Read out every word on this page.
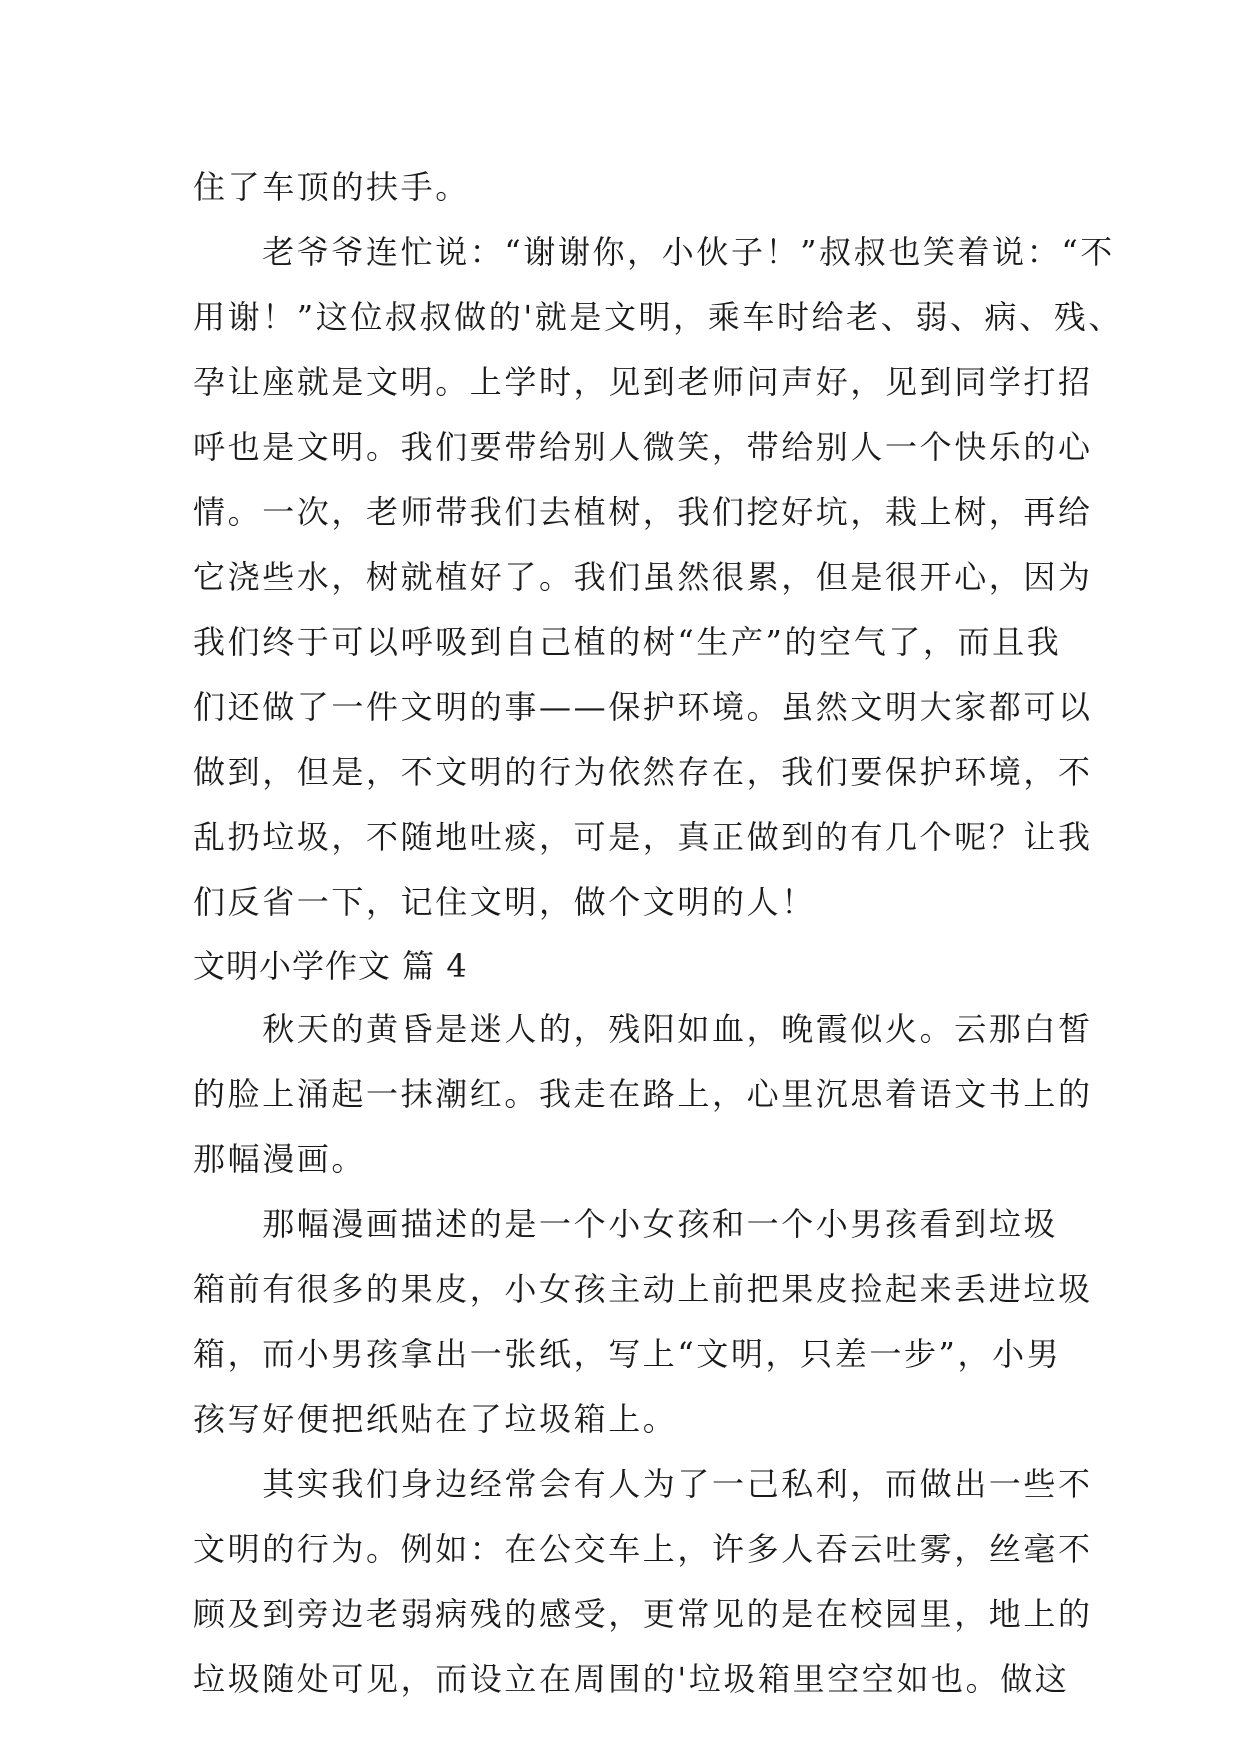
住了车顶的扶手。
　　老爷爷连忙说：“谢谢你，小伙子！”叔叔也笑着说：“不
用谢！”这位叔叔做的'就是文明，乘车时给老、弱、病、残、
孕让座就是文明。上学时，见到老师问声好，见到同学打招
呼也是文明。我们要带给别人微笑，带给别人一个快乐的心
情。一次，老师带我们去植树，我们挖好坑，栽上树，再给
它浇些水，树就植好了。我们虽然很累，但是很开心，因为
我们终于可以呼吸到自己植的树“生产”的空气了，而且我
们还做了一件文明的事——保护环境。虽然文明大家都可以
做到，但是，不文明的行为依然存在，我们要保护环境，不
乱扔垃圾，不随地吐痰，可是，真正做到的有几个呢？让我
们反省一下，记住文明，做个文明的人！
文明小学作文 篇 4
　　秋天的黄昏是迷人的，残阳如血，晚霞似火。云那白皙
的脸上涌起一抹潮红。我走在路上，心里沉思着语文书上的
那幅漫画。
　　那幅漫画描述的是一个小女孩和一个小男孩看到垃圾
箱前有很多的果皮，小女孩主动上前把果皮捡起来丢进垃圾
箱，而小男孩拿出一张纸，写上“文明，只差一步”，小男
孩写好便把纸贴在了垃圾箱上。
　　其实我们身边经常会有人为了一己私利，而做出一些不
文明的行为。例如：在公交车上，许多人吞云吐雾，丝毫不
顾及到旁边老弱病残的感受，更常见的是在校园里，地上的
垃圾随处可见，而设立在周围的'垃圾箱里空空如也。做这
